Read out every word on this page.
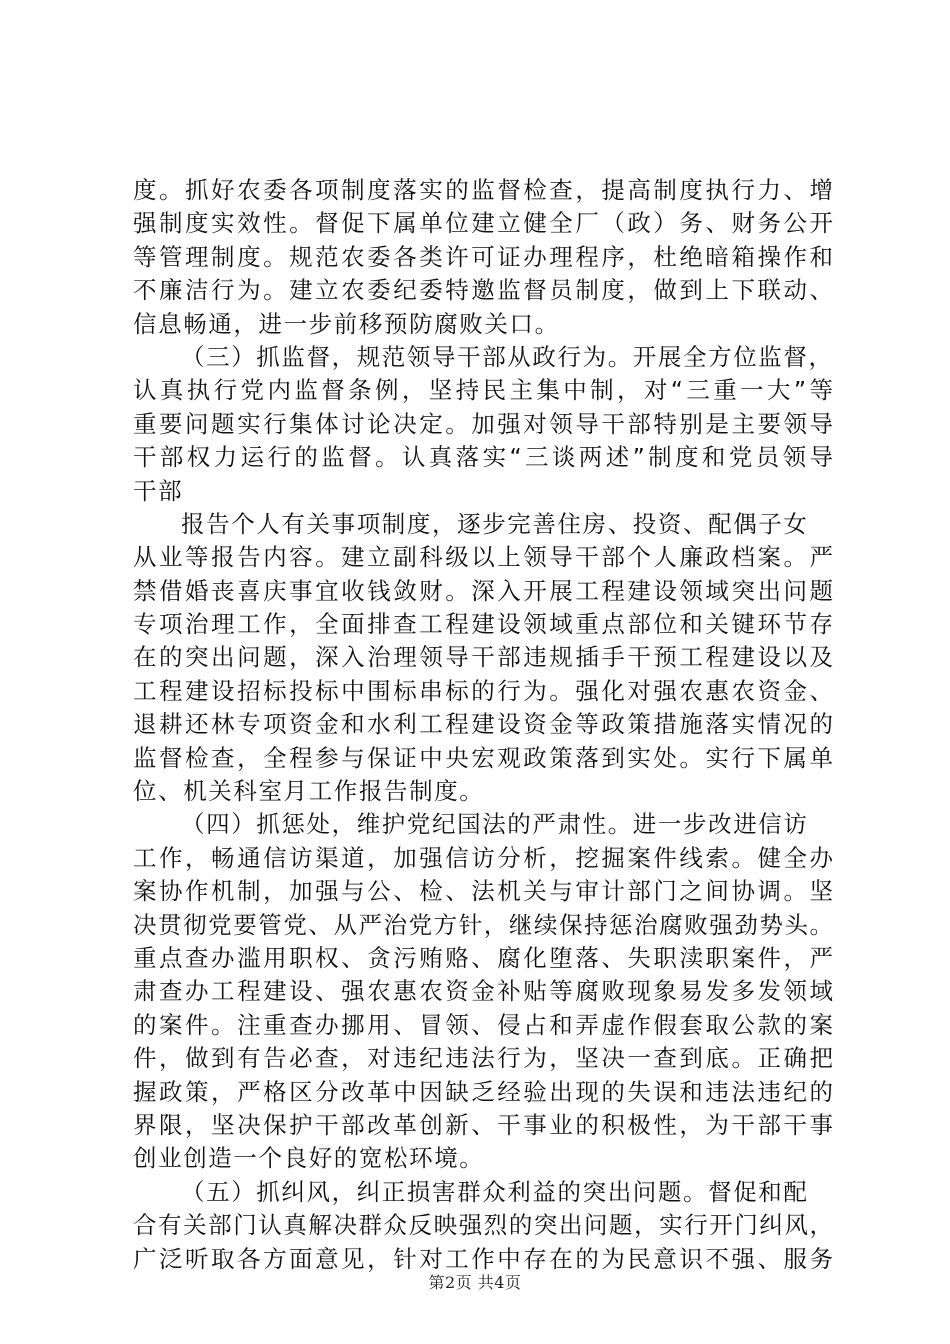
度。抓好农委各项制度落实的监督检查，提高制度执行力、增
强制度实效性。督促下属单位建立健全厂（政）务、财务公开
等管理制度。规范农委各类许可证办理程序，杜绝暗箱操作和
不廉洁行为。建立农委纪委特邀监督员制度，做到上下联动、
信息畅通，进一步前移预防腐败关口。
（三）抓监督，规范领导干部从政行为。开展全方位监督，
认真执行党内监督条例，坚持民主集中制，对“三重一大”等
重要问题实行集体讨论决定。加强对领导干部特别是主要领导
干部权力运行的监督。认真落实“三谈两述”制度和党员领导
干部
报告个人有关事项制度，逐步完善住房、投资、配偶子女
从业等报告内容。建立副科级以上领导干部个人廉政档案。严
禁借婚丧喜庆事宜收钱敛财。深入开展工程建设领域突出问题
专项治理工作，全面排查工程建设领域重点部位和关键环节存
在的突出问题，深入治理领导干部违规插手干预工程建设以及
工程建设招标投标中围标串标的行为。强化对强农惠农资金、
退耕还林专项资金和水利工程建设资金等政策措施落实情况的
监督检查，全程参与保证中央宏观政策落到实处。实行下属单
位、机关科室月工作报告制度。
（四）抓惩处，维护党纪国法的严肃性。进一步改进信访
工作，畅通信访渠道，加强信访分析，挖掘案件线索。健全办
案协作机制，加强与公、检、法机关与审计部门之间协调。坚
决贯彻党要管党、从严治党方针，继续保持惩治腐败强劲势头。
重点查办滥用职权、贪污贿赂、腐化堕落、失职渎职案件，严
肃查办工程建设、强农惠农资金补贴等腐败现象易发多发领域
的案件。注重查办挪用、冒领、侵占和弄虚作假套取公款的案
件，做到有告必查，对违纪违法行为，坚决一查到底。正确把
握政策，严格区分改革中因缺乏经验出现的失误和违法违纪的
界限，坚决保护干部改革创新、干事业的积极性，为干部干事
创业创造一个良好的宽松环境。
（五）抓纠风，纠正损害群众利益的突出问题。督促和配
合有关部门认真解决群众反映强烈的突出问题，实行开门纠风，
广泛听取各方面意见，针对工作中存在的为民意识不强、服务
第2页 共4页
